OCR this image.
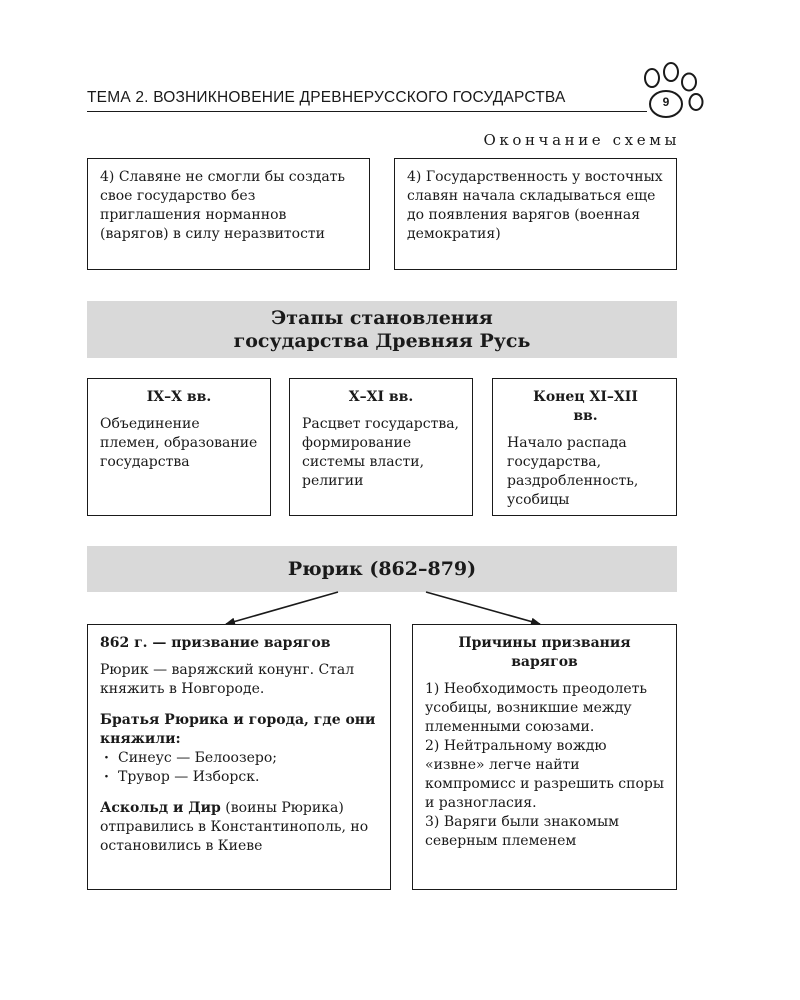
ТЕМА 2. ВОЗНИКНОВЕНИЕ ДРЕВНЕРУССКОГО ГОСУДАРСТВА	9
Окончание схемы

4) Славяне не смогли бы создать свое государство без приглашения норманнов (варягов) в силу неразвитости

4) Государственность у восточных славян начала складываться еще до появления варягов (военная демократия)

Этапы становления
государства Древняя Русь
IX–X вв.

Объединение племен, образование государства

X–XI вв.

Расцвет государства, формирование системы власти, религии

Конец XI–XII вв.

Начало распада государства, раздробленность, усобицы

Рюрик (862–879)

862 г. — призвание варягов

Рюрик — варяжский конунг. Стал княжить в Новгороде.

Братья Рюрика и города, где они княжили:

· Синеус — Белоозеро;
· Трувор — Изборск.

Аскольд и Дир (воины Рюрика) отправились в Константинополь, но остановились в Киеве

Причины призвания варягов

1) Необходимость преодолеть усобицы, возникшие между племенными союзами.

2) Нейтральному вождю «извне» легче найти компромисс и разрешить споры и разногласия.

3) Варяги были знакомым северным племенем
